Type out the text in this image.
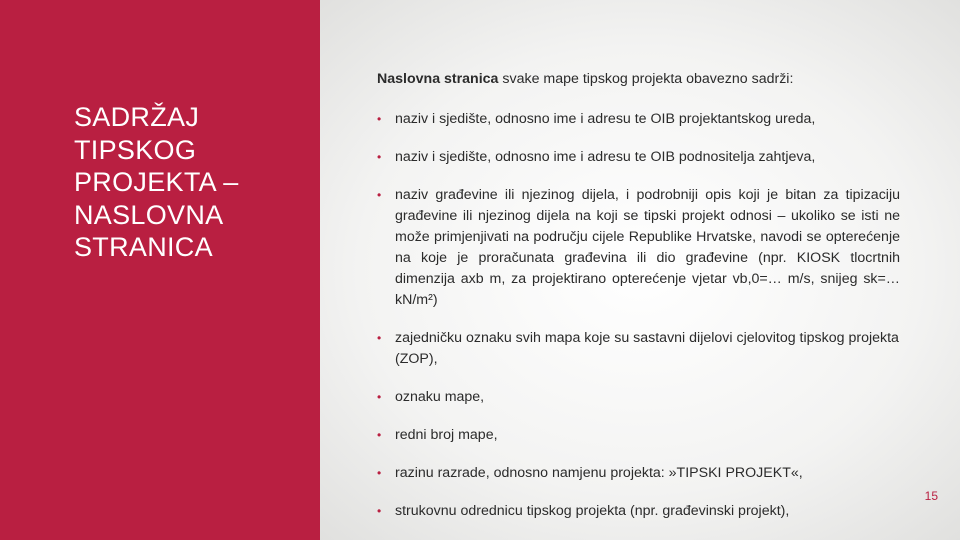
SADRŽAJ TIPSKOG PROJEKTA – NASLOVNA STRANICA

Naslovna stranica svake mape tipskog projekta obavezno sadrži:

• naziv i sjedište, odnosno ime i adresu te OIB projektantskog ureda,
• naziv i sjedište, odnosno ime i adresu te OIB podnositelja zahtjeva,
• naziv građevine ili njezinog dijela, i podrobniji opis koji je bitan za tipizaciju građevine ili njezinog dijela na koji se tipski projekt odnosi – ukoliko se isti ne može primjenjivati na području cijele Republike Hrvatske, navodi se opterećenje na koje je proračunata građevina ili dio građevine (npr. KIOSK tlocrtnih dimenzija axb m, za projektirano opterećenje vjetar vb,0=… m/s, snijeg sk=… kN/m²)
• zajedničku oznaku svih mapa koje su sastavni dijelovi cjelovitog tipskog projekta (ZOP),
• oznaku mape,
• redni broj mape,
• razinu razrade, odnosno namjenu projekta: »TIPSKI PROJEKT«,
• strukovnu odrednicu tipskog projekta (npr. građevinski projekt),
15
